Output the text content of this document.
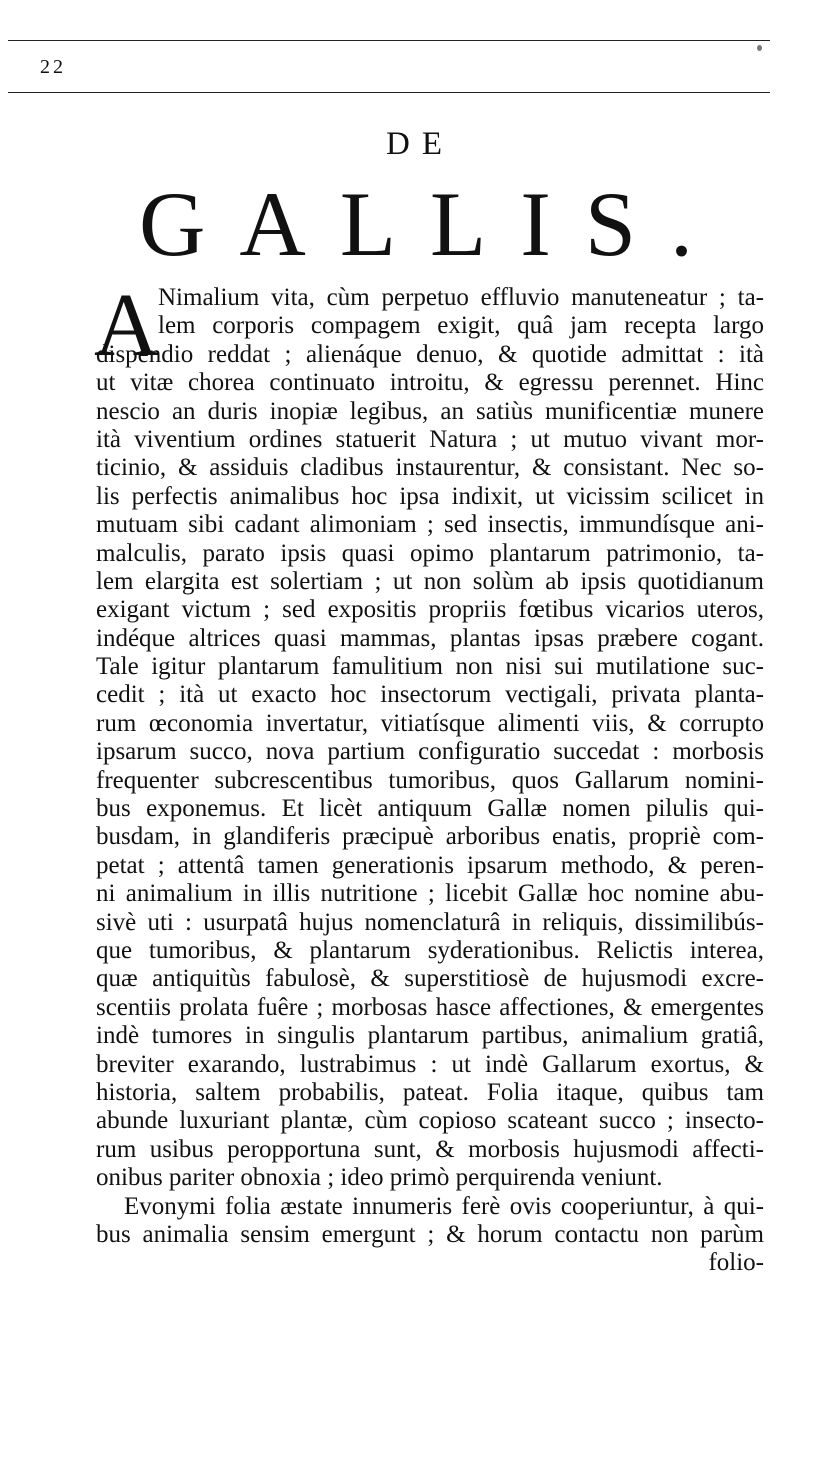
22
DE
GALLIS.
A Nimalium vita, cùm perpetuo effluvio manuteneatur ; ta-
lem corporis compagem exigit, quâ jam recepta largo
dispendio reddat ; alienáque denuo, & quotide admittat : ità
ut vitæ chorea continuato introitu, & egressu perennet. Hinc
nescio an duris inopiæ legibus, an satiùs munificentiæ munere
ità viventium ordines statuerit Natura ; ut mutuo vivant mor-
ticinio, & assiduis cladibus instaurentur, & consistant. Nec so-
lis perfectis animalibus hoc ipsa indixit, ut vicissim scilicet in
mutuam sibi cadant alimoniam ; sed insectis, immundísque ani-
malculis, parato ipsis quasi opimo plantarum patrimonio, ta-
lem elargita est solertiam ; ut non solùm ab ipsis quotidianum
exigant victum ; sed expositis propriis fœtibus vicarios uteros,
indéque altrices quasi mammas, plantas ipsas præbere cogant.
Tale igitur plantarum famulitium non nisi sui mutilatione suc-
cedit ; ità ut exacto hoc insectorum vectigali, privata planta-
rum œconomia invertatur, vitiatísque alimenti viis, & corrupto
ipsarum succo, nova partium configuratio succedat : morbosis
frequenter subcrescentibus tumoribus, quos Gallarum nomini-
bus exponemus. Et licèt antiquum Gallæ nomen pilulis qui-
busdam, in glandiferis præcipuè arboribus enatis, propriè com-
petat ; attentâ tamen generationis ipsarum methodo, & peren-
ni animalium in illis nutritione ; licebit Gallæ hoc nomine abu-
sivè uti : usurpatâ hujus nomenclaturâ in reliquis, dissimilibús-
que tumoribus, & plantarum syderationibus. Relictis interea,
quæ antiquitùs fabulosè, & superstitiosè de hujusmodi excre-
scentiis prolata fuêre ; morbosas hasce affectiones, & emergentes
indè tumores in singulis plantarum partibus, animalium gratiâ,
breviter exarando, lustrabimus : ut indè Gallarum exortus, &
historia, saltem probabilis, pateat. Folia itaque, quibus tam
abunde luxuriant plantæ, cùm copioso scateant succo ; insecto-
rum usibus peropportuna sunt, & morbosis hujusmodi affecti-
onibus pariter obnoxia ; ideo primò perquirenda veniunt.
Evonymi folia æstate innumeris ferè ovis cooperiuntur, à qui-
bus animalia sensim emergunt ; & horum contactu non parùm
folio-
